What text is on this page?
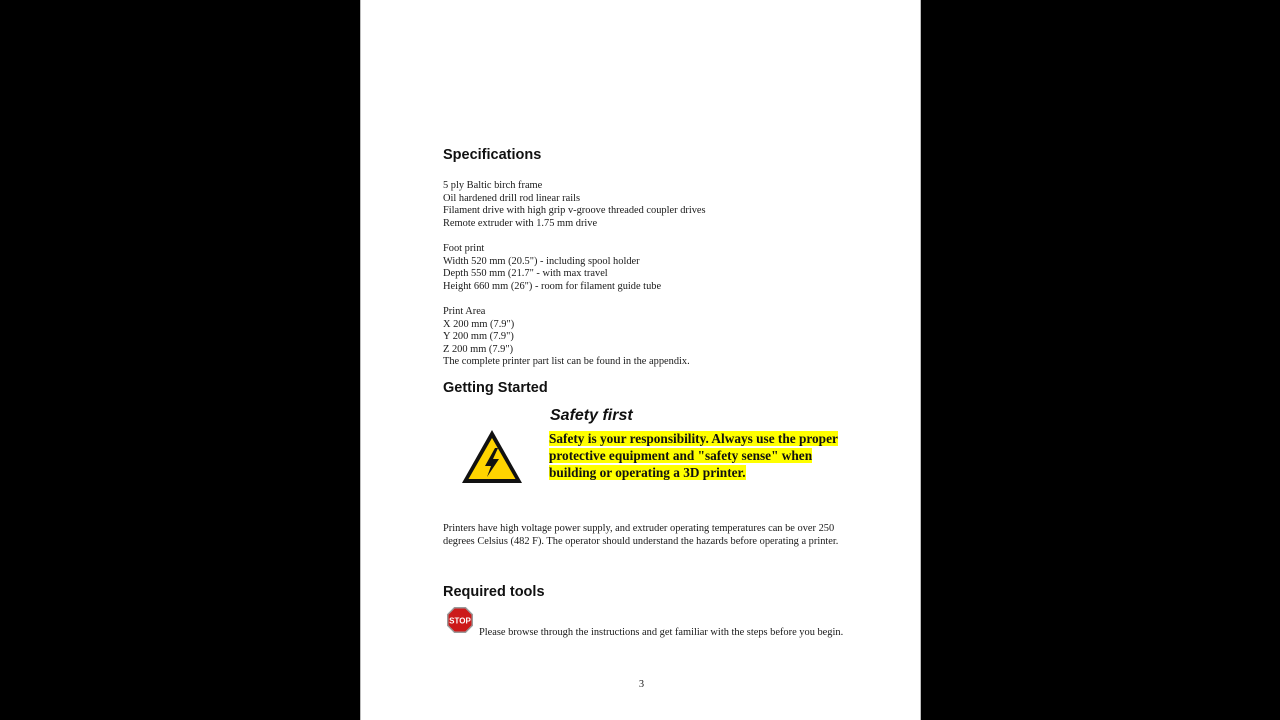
Specifications
5 ply Baltic birch frame
Oil hardened drill rod linear rails
Filament drive with high grip v-groove threaded coupler drives
Remote extruder with 1.75 mm drive
Foot print
Width 520 mm (20.5") - including spool holder
Depth 550 mm (21.7" - with max travel
Height 660 mm (26") - room for filament guide tube
Print Area
X 200 mm (7.9")
Y 200 mm (7.9")
Z 200 mm (7.9")
The complete printer part list can be found in the appendix.
Getting Started
Safety first
Safety is your responsibility. Always use the proper protective equipment and "safety sense" when building or operating a 3D printer.
Printers have high voltage power supply, and extruder operating temperatures can be over 250 degrees Celsius (482 F). The operator should understand the hazards before operating a printer.
Required tools
STOP
Please browse through the instructions and get familiar with the steps before you begin.
3
